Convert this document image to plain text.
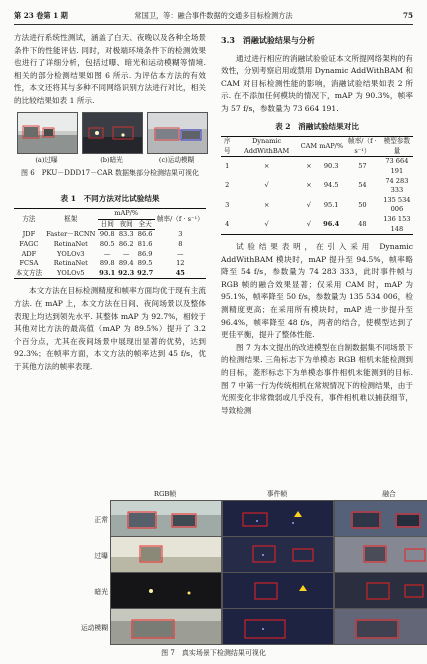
第 23 卷第 1 期	常国卫，等：融合事件数据的交通多目标检测方法	75

方法进行系统性测试，涵盖了白天、夜晚以及各种全场景条件下的性能评估. 同时，对极端环境条件下的检测效果也进行了详细分析，包括过曝、暗光和运动模糊等情境. 相关的部分检测结果如图 6 所示. 为评估本方法的有效性，本文还将其与多种不同网络识别方法进行对比，相关的比较结果如表 1 所示.

(a)过曝	(b)暗光	(c)运动模糊
图 6　PKU－DDD17－CAR 数据集部分检测结果可视化
表 1　不同方法对比试验结果
方法	框架	mAP/%			帧率/（f · s⁻¹）
		日间	夜间	全天	
JDF	Faster－RCNN	90.8	83.3	86.6	3
FAGC	RetinaNet	80.5	86.2	81.6	8
ADF	YOLOv3	—	—	86.9	—
FCSA	RetinaNet	89.8	89.4	89.5	12
本文方法	YOLOv5	93.1	92.3	92.7	45

本文方法在目标检测精度和帧率方面均优于现有主流方法. 在 mAP 上，本文方法在日间、夜间场景以及整体表现上均达到领先水平. 其整体 mAP 为 92.7%，相较于其他对比方法的最高值（mAP 为 89.5%）提升了 3.2 个百分点，尤其在夜间场景中展现出显著的优势，达到 92.3%；在帧率方面，本文方法的帧率达到 45 f/s，优于其他方法的帧率表现.

3.3　消融试验结果与分析

通过进行相应的消融试验验证本文所提网络架构的有效性，分别考察启用或禁用 Dynamic AddWithBAM 和 CAM 对目标检测性能的影响，消融试验结果如表 2 所示. 在不添加任何模块的情况下，mAP 为 90.3%，帧率为 57 f/s，参数量为 73 664 191.

表 2　消融试验结果对比
序号	Dynamic AddWithBAM	CAM	mAP/%	帧率/（f · s⁻¹）	模型参数量
1	×	×	90.3	57	73 664 191
2	√	×	94.5	54	74 283 333
3	×	√	95.1	50	135 534 006
4	√	√	96.4	48	136 153 148

试验结果表明，在引入采用 Dynamic AddWithBAM 模块时，mAP 提升至 94.5%，帧率略降至 54 f/s，参数量为 74 283 333，此时事件帧与 RGB 帧的融合效果显著；仅采用 CAM 时，mAP 为 95.1%，帧率降至 50 f/s，参数量为 135 534 006，检测精度更高；在采用所有模块时，mAP 进一步提升至 96.4%，帧率降至 48 f/s，两者的结合，使模型达到了更佳平衡，提升了整体性能.

图 7 为本文提出的改进模型在自制数据集不同场景下的检测结果. 三角标志下为单模态 RGB 相机未能检测到的目标，菱形标志下为单模态事件相机未能测到的目标. 图 7 中第一行为传统相机在常规情况下的检测结果，由于光照变化非常微弱或几乎没有，事件相机难以捕获细节，导致检测

RGB帧	事件帧	融合
正常
过曝
暗光
运动模糊
图 7　真实场景下检测结果可视化
